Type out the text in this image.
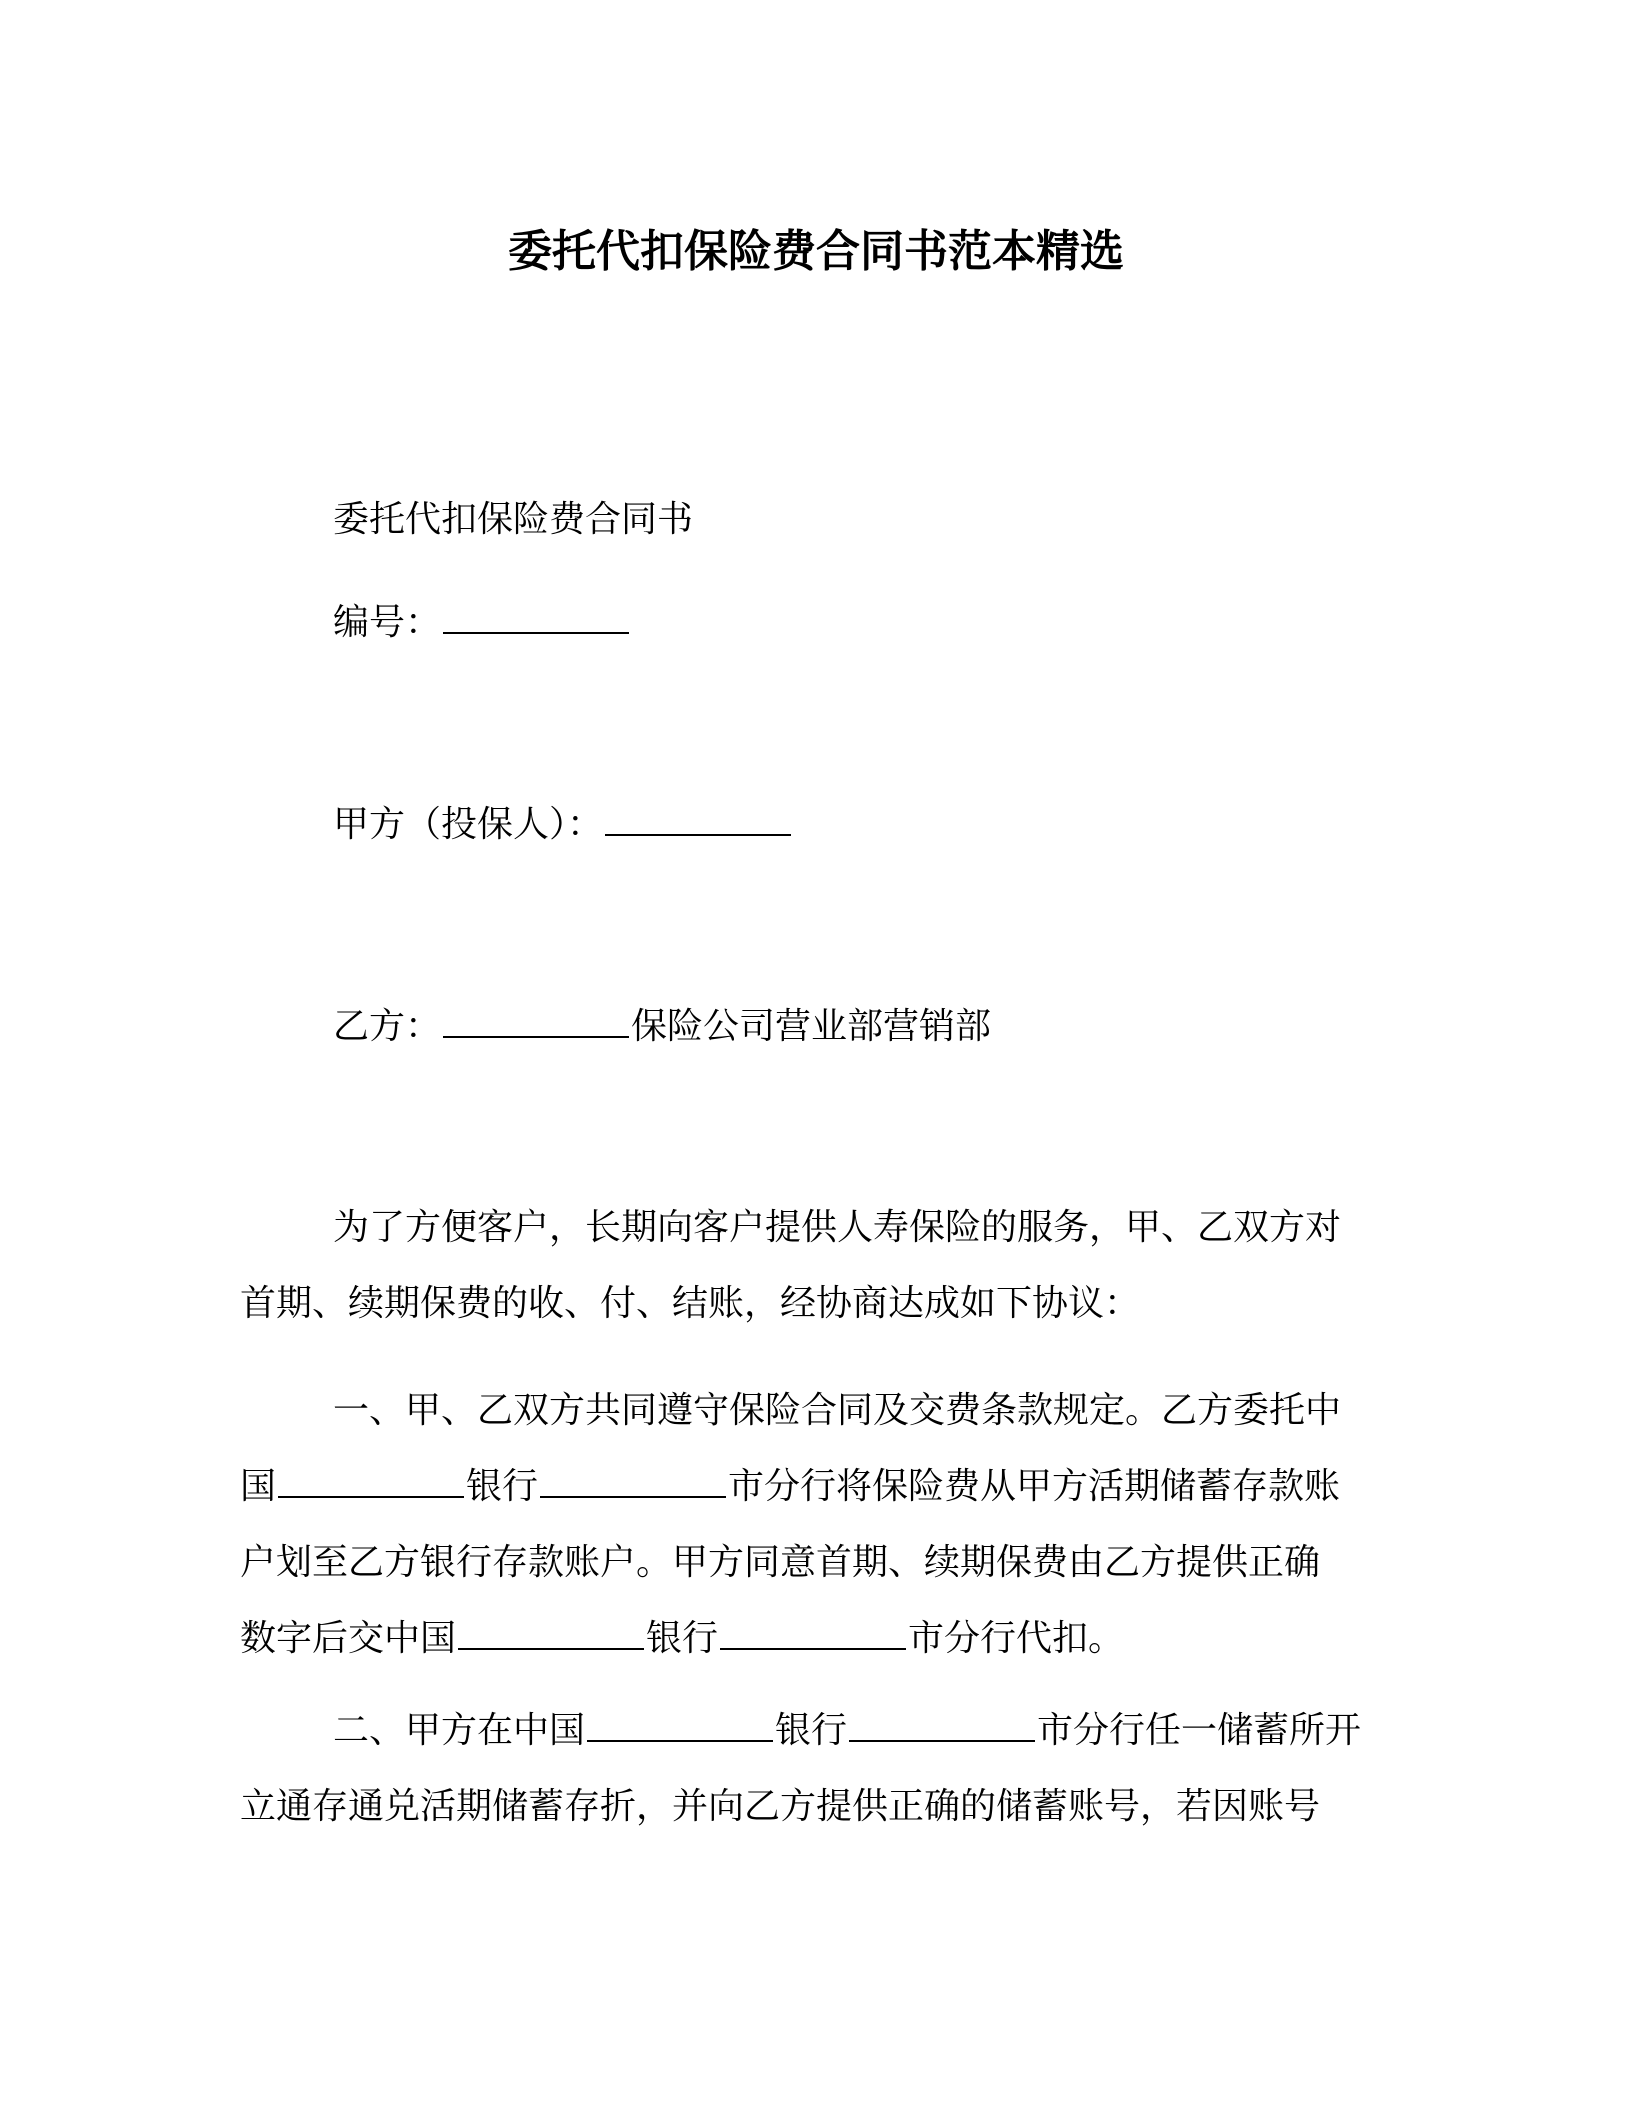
委托代扣保险费合同书范本精选

委托代扣保险费合同书

编号：

甲方（投保人）：

乙方：	保险公司营业部营销部

为了方便客户，长期向客户提供人寿保险的服务，甲、乙双方对
首期、续期保费的收、付、结账，经协商达成如下协议：
一、甲、乙双方共同遵守保险合同及交费条款规定。乙方委托中
国	银行	市分行将保险费从甲方活期储蓄存款账
户划至乙方银行存款账户。甲方同意首期、续期保费由乙方提供正确
数字后交中国	银行	市分行代扣。
二、甲方在中国	银行	市分行任一储蓄所开
立通存通兑活期储蓄存折，并向乙方提供正确的储蓄账号，若因账号
